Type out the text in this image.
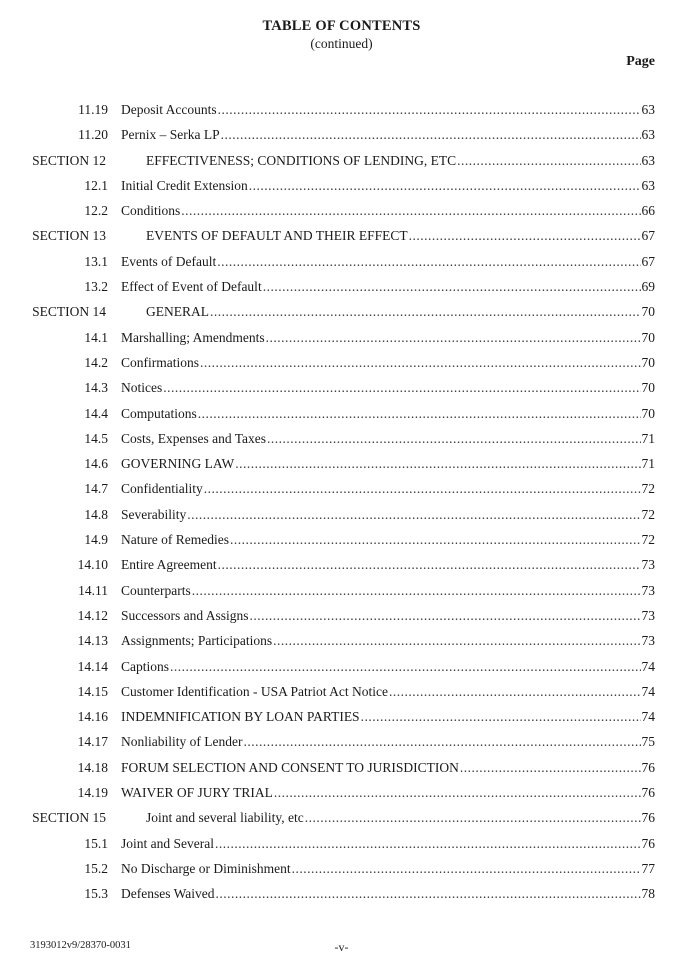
TABLE OF CONTENTS
(continued)
Page
11.19 Deposit Accounts .....	63
11.20 Pernix – Serka LP .....	63
SECTION 12	EFFECTIVENESS; CONDITIONS OF LENDING, ETC .....	63
12.1 Initial Credit Extension .....	63
12.2 Conditions .....	66
SECTION 13	EVENTS OF DEFAULT AND THEIR EFFECT .....	67
13.1 Events of Default .....	67
13.2 Effect of Event of Default .....	69
SECTION 14	GENERAL .....	70
14.1 Marshalling; Amendments .....	70
14.2 Confirmations .....	70
14.3 Notices .....	70
14.4 Computations .....	70
14.5 Costs, Expenses and Taxes .....	71
14.6 GOVERNING LAW .....	71
14.7 Confidentiality .....	72
14.8 Severability .....	72
14.9 Nature of Remedies .....	72
14.10 Entire Agreement .....	73
14.11 Counterparts .....	73
14.12 Successors and Assigns .....	73
14.13 Assignments; Participations .....	73
14.14 Captions .....	74
14.15 Customer Identification - USA Patriot Act Notice .....	74
14.16 INDEMNIFICATION BY LOAN PARTIES .....	74
14.17 Nonliability of Lender .....	75
14.18 FORUM SELECTION AND CONSENT TO JURISDICTION .....	76
14.19 WAIVER OF JURY TRIAL .....	76
SECTION 15	Joint and several liability, etc .....	76
15.1 Joint and Several .....	76
15.2 No Discharge or Diminishment .....	77
15.3 Defenses Waived .....	78
3193012v9/28370-0031	-v-
